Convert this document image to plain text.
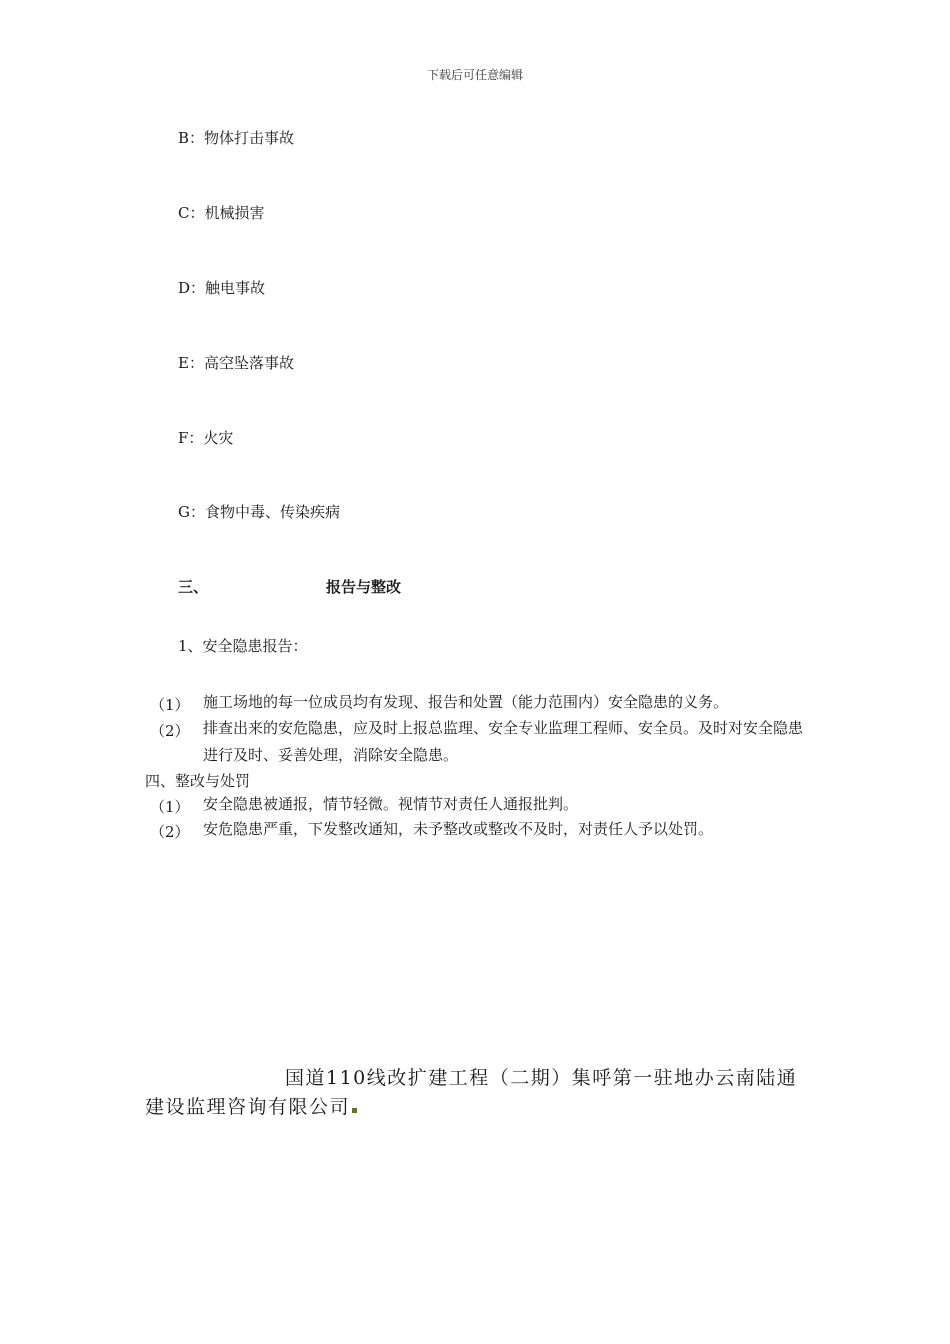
下载后可任意编辑
B：物体打击事故
C：机械损害
D：触电事故
E：高空坠落事故
F：火灾
G：食物中毒、传染疾病
三、	报告与整改
1、安全隐患报告：
（1） 施工场地的每一位成员均有发现、报告和处置（能力范围内）安全隐患的义务。
（2） 排查出来的安危隐患，应及时上报总监理、安全专业监理工程师、安全员。及时对安全隐患进行及时、妥善处理，消除安全隐患。
四、整改与处罚
（1） 安全隐患被通报，情节轻微。视情节对责任人通报批判。
（2） 安危隐患严重，下发整改通知，未予整改或整改不及时，对责任人予以处罚。
国道110线改扩建工程（二期）集呼第一驻地办云南陆通建设监理咨询有限公司
